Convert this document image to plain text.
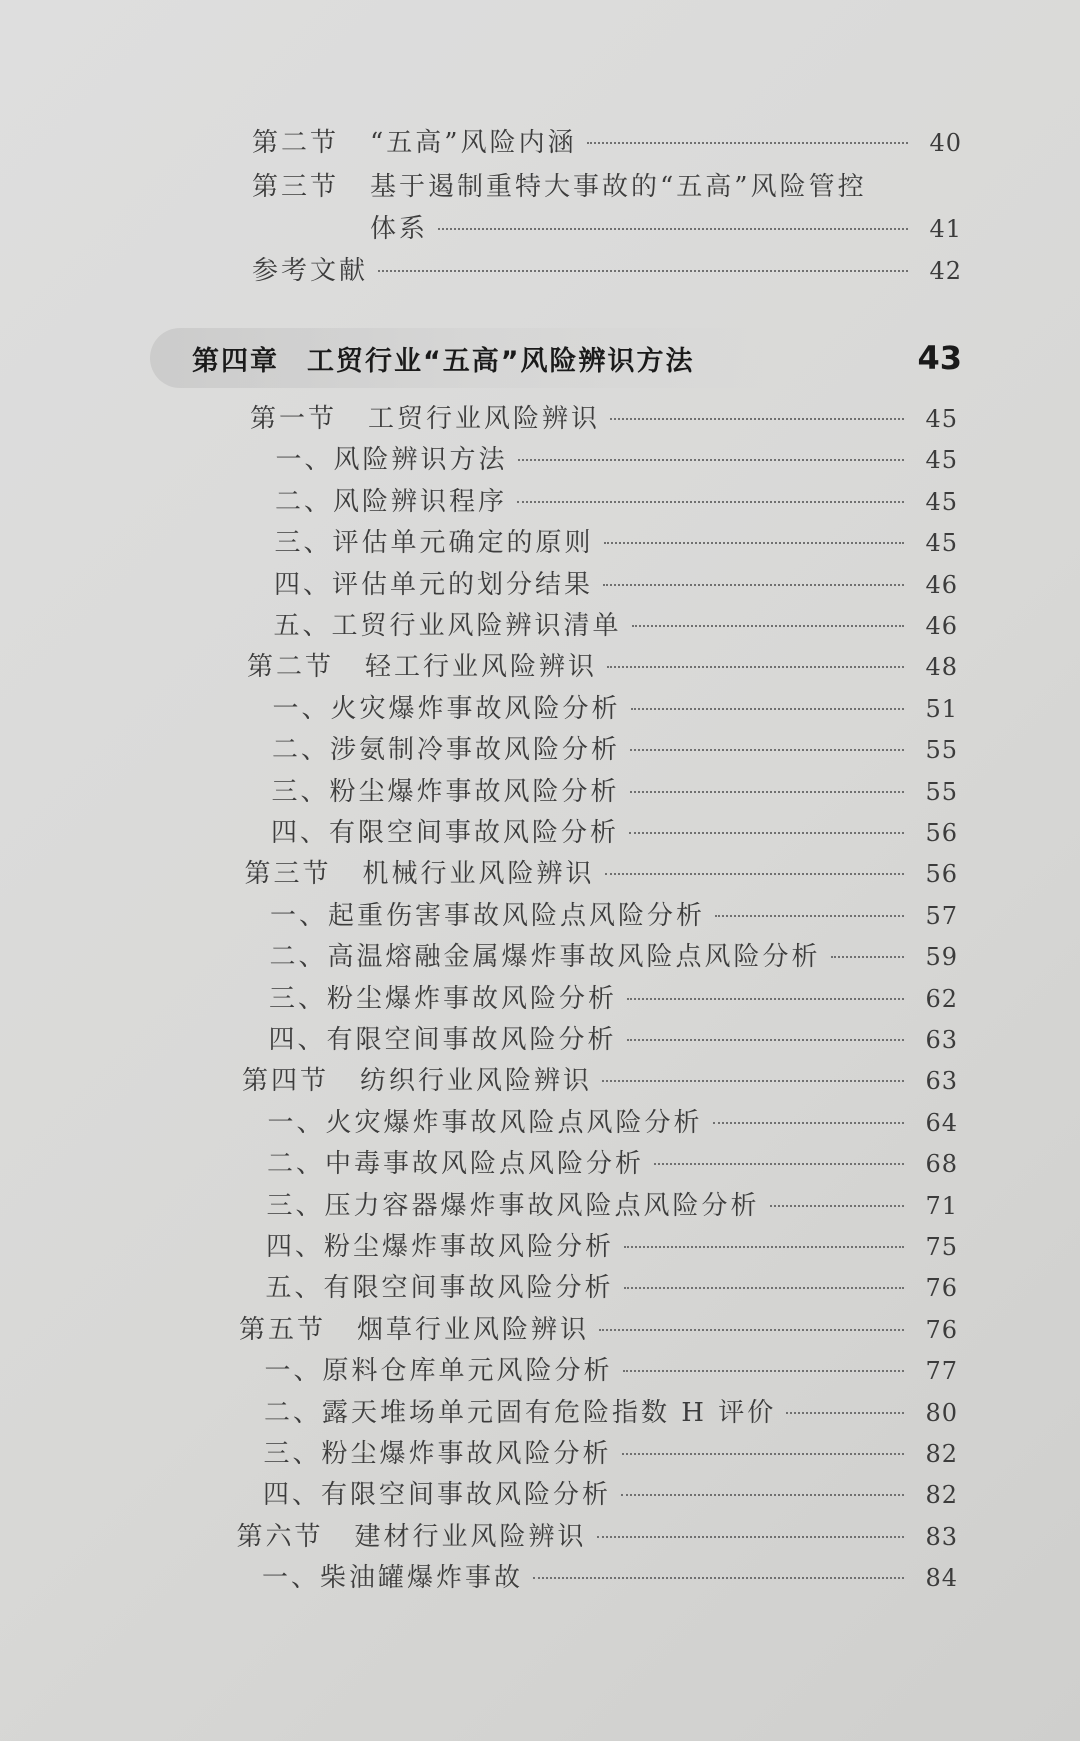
第二节	“五高”风险内涵	40
第三节	基于遏制重特大事故的“五高”风险管控
体系	41
参考文献	42
第四章 工贸行业“五高”风险辨识方法	43
第一节	工贸行业风险辨识	45
一、风险辨识方法	45
二、风险辨识程序	45
三、评估单元确定的原则	45
四、评估单元的划分结果	46
五、工贸行业风险辨识清单	46
第二节	轻工行业风险辨识	48
一、火灾爆炸事故风险分析	51
二、涉氨制冷事故风险分析	55
三、粉尘爆炸事故风险分析	55
四、有限空间事故风险分析	56
第三节	机械行业风险辨识	56
一、起重伤害事故风险点风险分析	57
二、高温熔融金属爆炸事故风险点风险分析	59
三、粉尘爆炸事故风险分析	62
四、有限空间事故风险分析	63
第四节	纺织行业风险辨识	63
一、火灾爆炸事故风险点风险分析	64
二、中毒事故风险点风险分析	68
三、压力容器爆炸事故风险点风险分析	71
四、粉尘爆炸事故风险分析	75
五、有限空间事故风险分析	76
第五节	烟草行业风险辨识	76
一、原料仓库单元风险分析	77
二、露天堆场单元固有危险指数 H 评价	80
三、粉尘爆炸事故风险分析	82
四、有限空间事故风险分析	82
第六节	建材行业风险辨识	83
一、柴油罐爆炸事故	84
